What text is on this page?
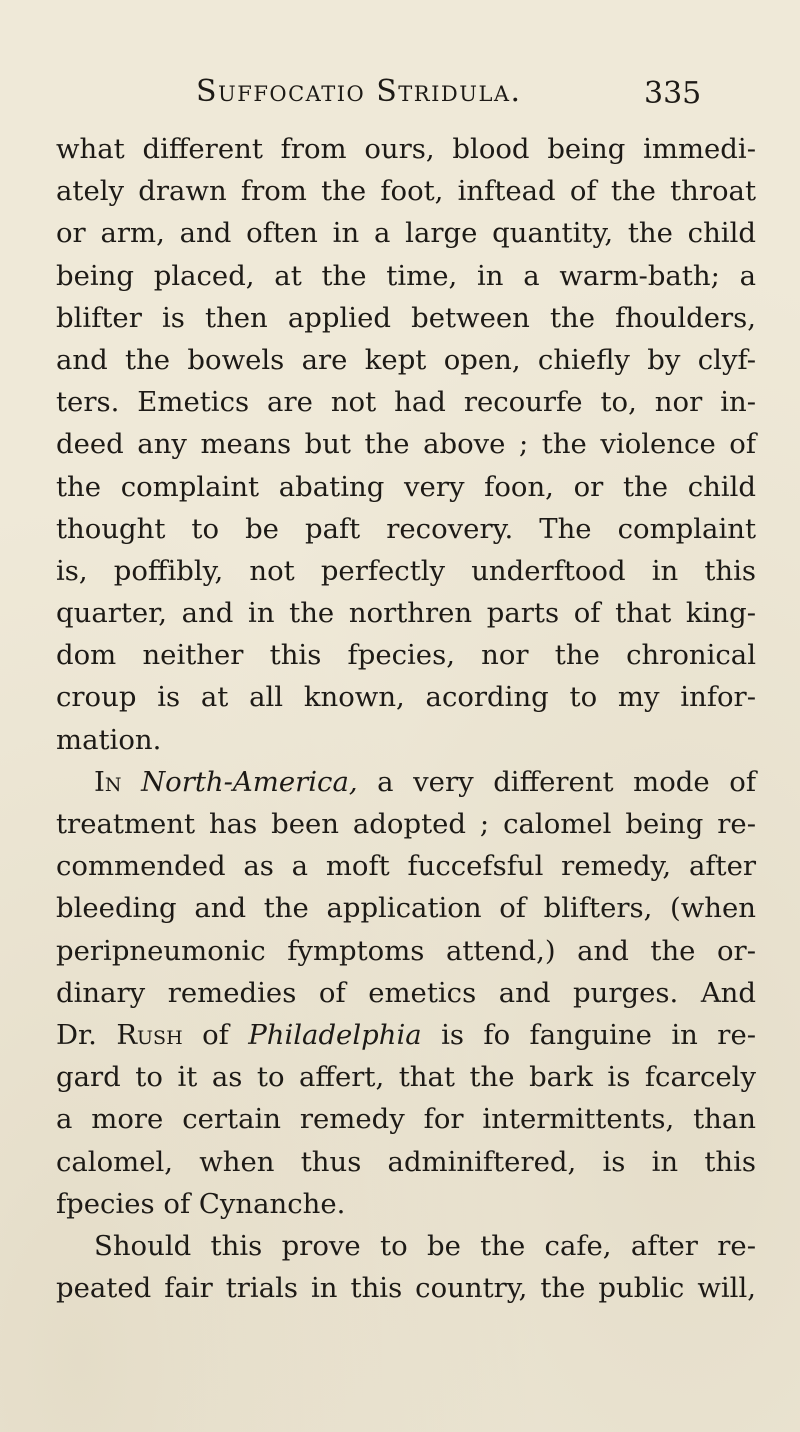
Suffocatio Stridula.	335
what different from ours, blood being immedi-
ately drawn from the foot, inftead of the throat
or arm, and often in a large quantity, the child
being placed, at the time, in a warm-bath; a
blifter is then applied between the fhoulders,
and the bowels are kept open, chiefly by clyf-
ters. Emetics are not had recourfe to, nor in-
deed any means but the above ; the violence of
the complaint abating very foon, or the child
thought to be paft recovery. The complaint
is, poffibly, not perfectly underftood in this
quarter, and in the northren parts of that king-
dom neither this fpecies, nor the chronical
croup is at all known, acording to my infor-
mation.
In North-America, a very different mode of
treatment has been adopted ; calomel being re-
commended as a moft fuccefsful remedy, after
bleeding and the application of blifters, (when
peripneumonic fymptoms attend,) and the or-
dinary remedies of emetics and purges. And
Dr. Rush of Philadelphia is fo fanguine in re-
gard to it as to affert, that the bark is fcarcely
a more certain remedy for intermittents, than
calomel, when thus adminiftered, is in this
fpecies of Cynanche.
Should this prove to be the cafe, after re-
peated fair trials in this country, the public will,
